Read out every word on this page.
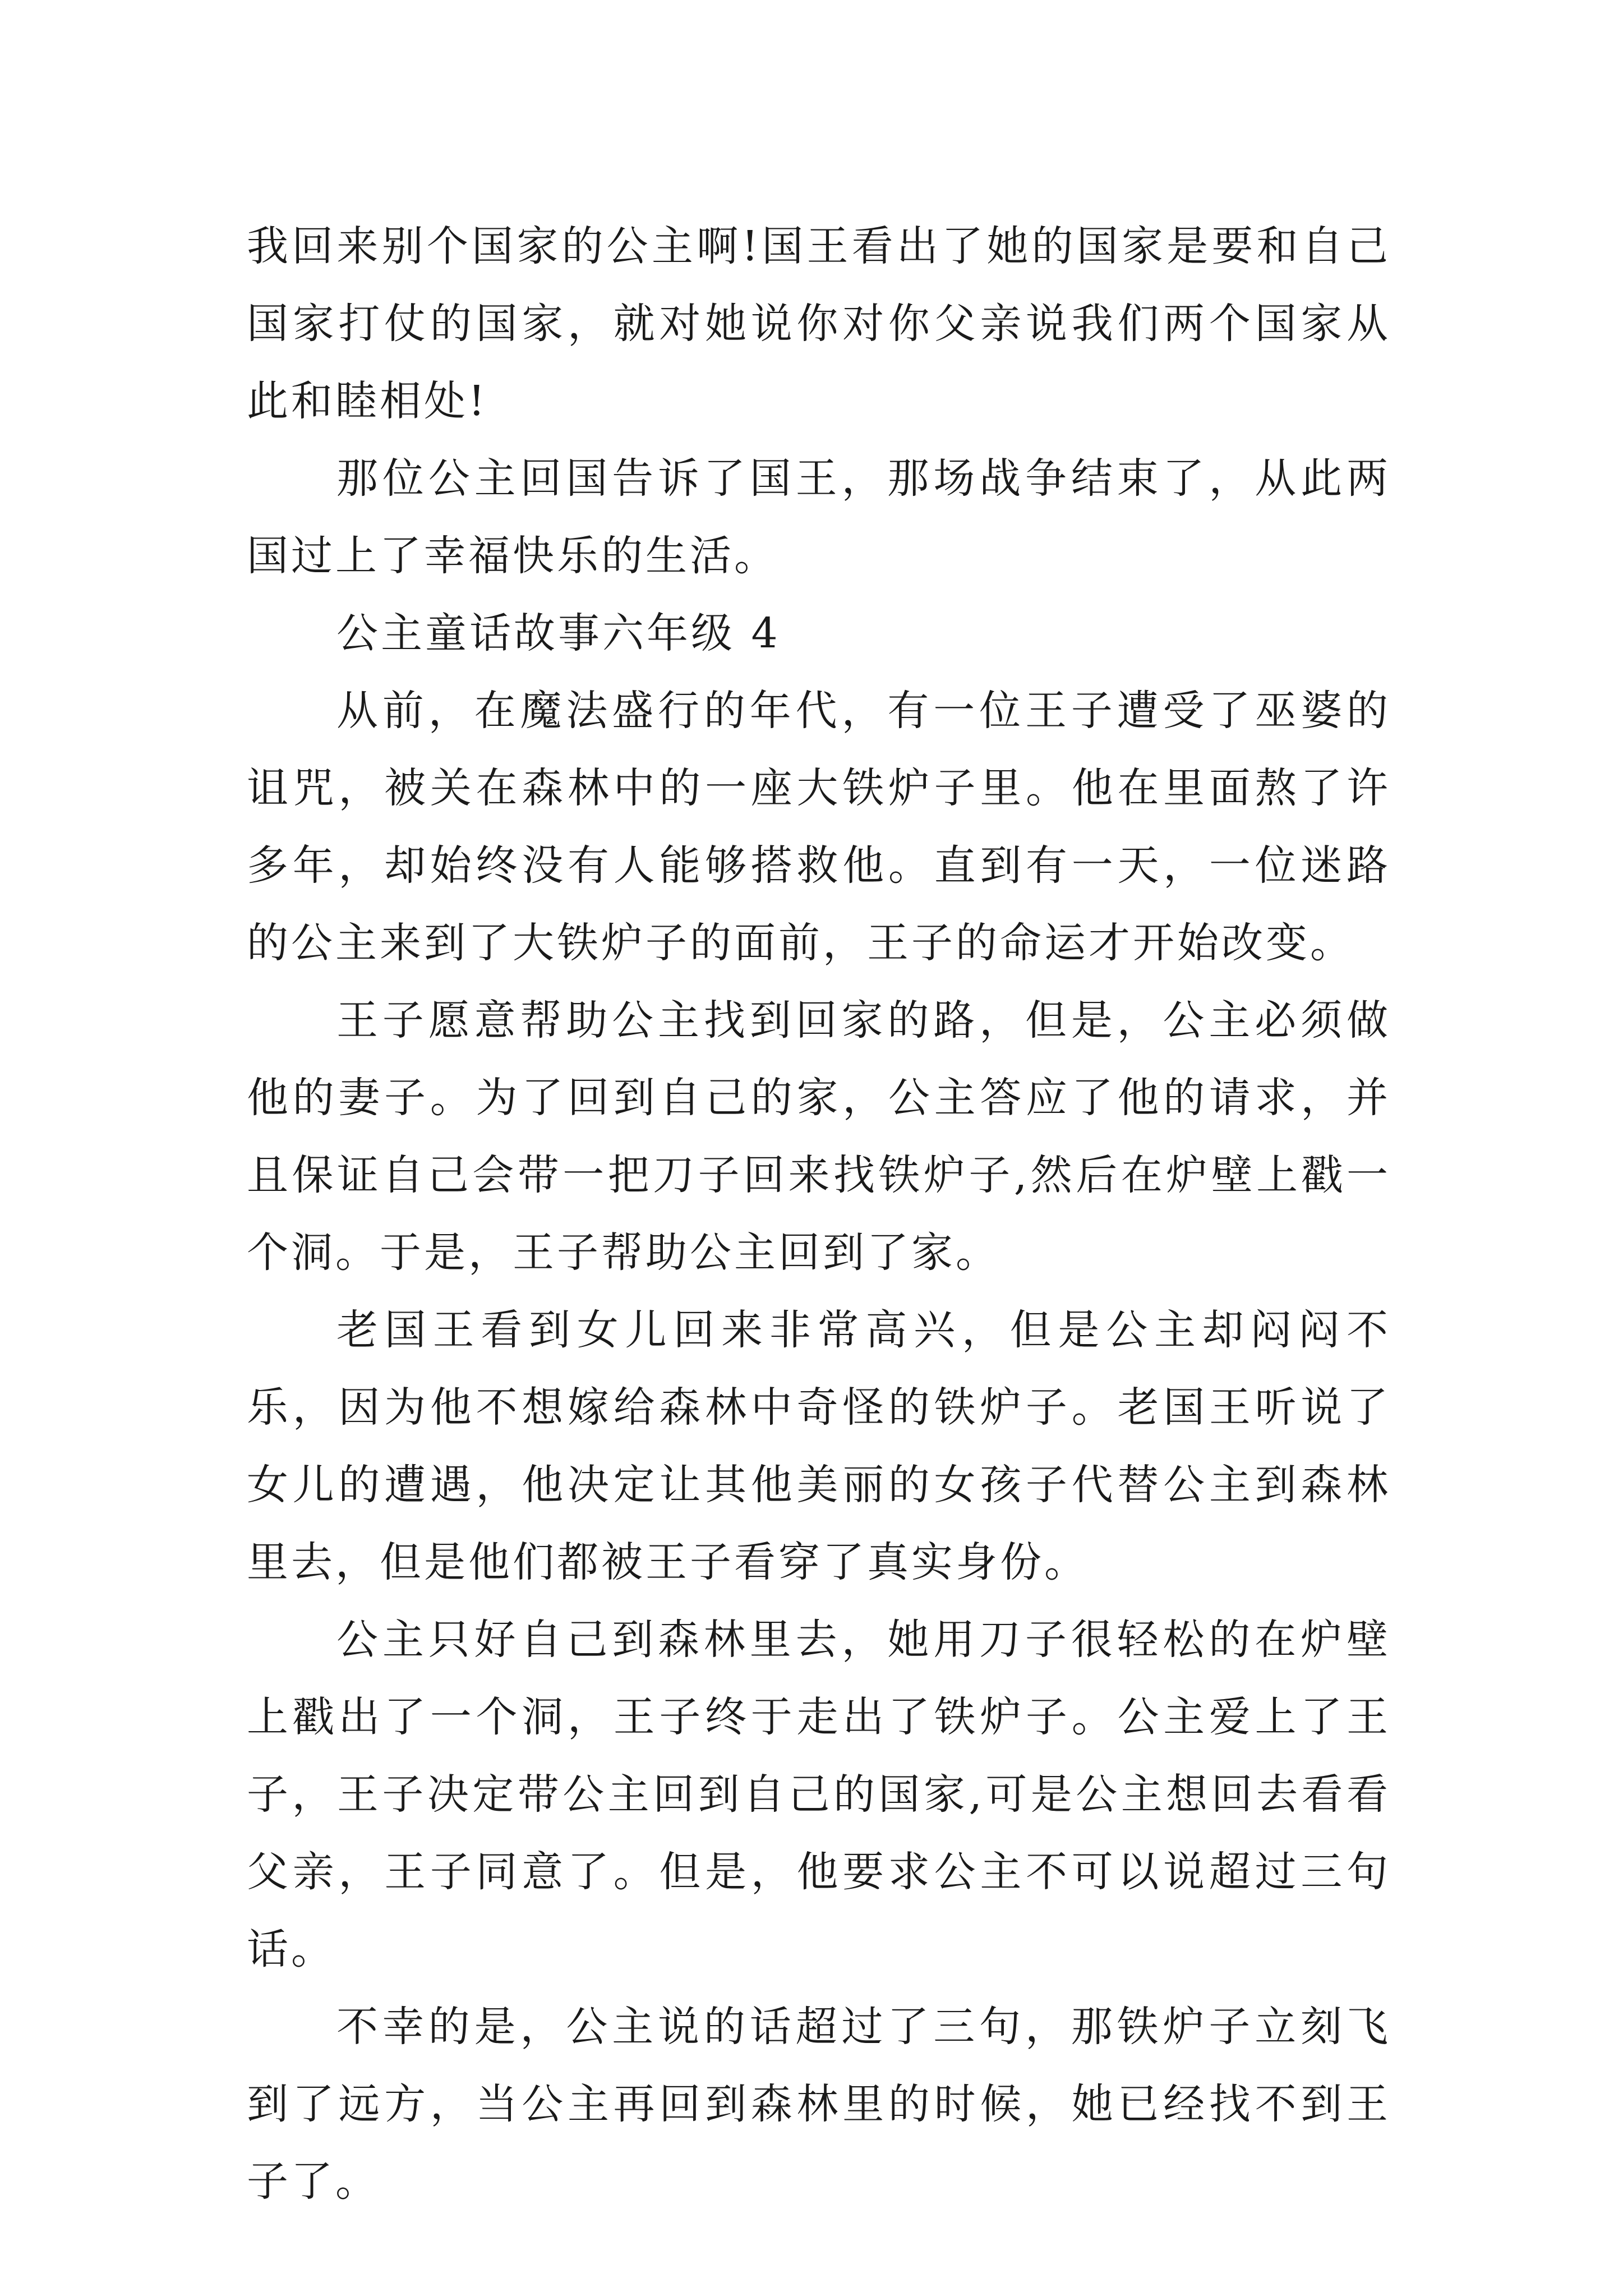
我回来别个国家的公主啊!国王看出了她的国家是要和自己国家打仗的国家，就对她说你对你父亲说我们两个国家从此和睦相处!

那位公主回国告诉了国王，那场战争结束了，从此两国过上了幸福快乐的生活。

公主童话故事六年级 4

从前，在魔法盛行的年代，有一位王子遭受了巫婆的诅咒，被关在森林中的一座大铁炉子里。他在里面熬了许多年，却始终没有人能够搭救他。直到有一天，一位迷路的公主来到了大铁炉子的面前，王子的命运才开始改变。

王子愿意帮助公主找到回家的路，但是，公主必须做他的妻子。为了回到自己的家，公主答应了他的请求，并且保证自己会带一把刀子回来找铁炉子,然后在炉壁上戳一个洞。于是，王子帮助公主回到了家。

老国王看到女儿回来非常高兴，但是公主却闷闷不乐，因为他不想嫁给森林中奇怪的铁炉子。老国王听说了女儿的遭遇，他决定让其他美丽的女孩子代替公主到森林里去，但是他们都被王子看穿了真实身份。

公主只好自己到森林里去，她用刀子很轻松的在炉壁上戳出了一个洞，王子终于走出了铁炉子。公主爱上了王子，王子决定带公主回到自己的国家,可是公主想回去看看父亲，王子同意了。但是，他要求公主不可以说超过三句话。

不幸的是，公主说的话超过了三句，那铁炉子立刻飞到了远方，当公主再回到森林里的时候，她已经找不到王子了。
